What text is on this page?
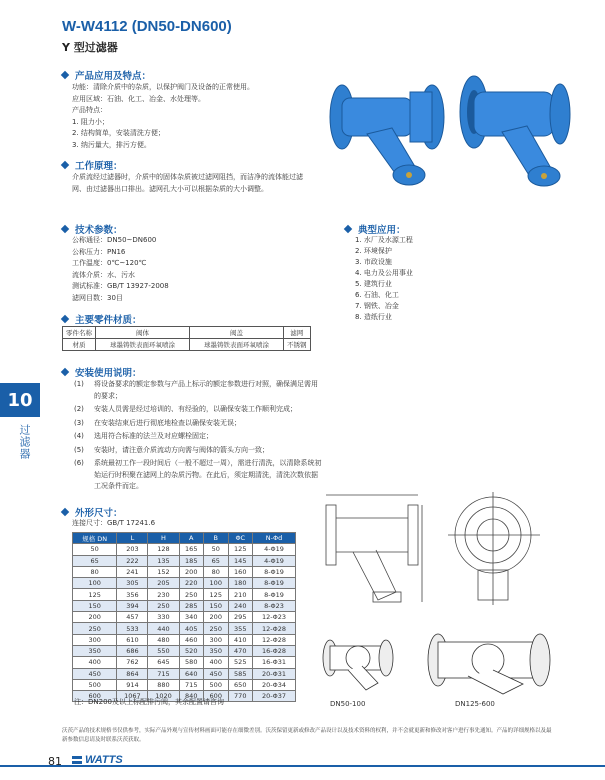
W-W4112 (DN50-DN600)
Y 型过滤器
产品应用及特点：
功能：清除介质中的杂质，以保护阀门及设备的正常使用。
应用区域：石油、化工、冶金、水处理等。
产品特点：
1. 阻力小；
2. 结构简单，安装清洗方便；
3. 纳污量大，排污方便。
工作原理：
介质流经过滤器时，介质中的固体杂质被过滤网阻挡，而洁净的流体能过滤网、由过滤器出口排出。滤网孔大小可以根据杂质的大小调整。
技术参数：
公称通径：DN50~DN600
公称压力：PN16
工作温度：0℃~120℃
流体介质：水、污水
测试标准：GB/T 13927-2008
滤网目数：30目
典型应用：
1. 水厂及水源工程
2. 环境保护
3. 市政设施
4. 电力及公用事业
5. 建筑行业
6. 石油、化工
7. 钢铁、冶金
8. 造纸行业
主要零件材质：
零件名称	阀体	阀盖	滤网
材质	球墨铸铁表面环氧喷涂	球墨铸铁表面环氧喷涂	不锈钢
10
过滤器
安装使用说明：
(1)	将设备要求的额定参数与产品上标示的额定参数进行对照，确保满足需用的要求；
(2)	安装人员需是经过培训的、有经验的，以确保安装工作顺利完成；
(3)	在安装结束后进行彻底地检查以确保安装无误；
(4)	选用符合标准的法兰及对应螺栓固定；
(5)	安装时，请注意介质流动方向需与阀体的箭头方向一致；
(6)	系统最初工作一段时间后（一般不超过一周），需进行清洗，以清除系统初始运行时积聚在滤网上的杂质污物。在此后，须定期清洗，清洗次数依据工况条件而定。
外形尺寸：
连接尺寸：GB/T 17241.6
规格 DN	L	H	A	B	ΦC	N-Φd
50	203	128	165	50	125	4-Φ19
65	222	135	185	65	145	4-Φ19
80	241	152	200	80	160	8-Φ19
100	305	205	220	100	180	8-Φ19
125	356	230	250	125	210	8-Φ19
150	394	250	285	150	240	8-Φ23
200	457	330	340	200	295	12-Φ23
250	533	440	405	250	355	12-Φ28
300	610	480	460	300	410	12-Φ28
350	686	550	520	350	470	16-Φ28
400	762	645	580	400	525	16-Φ31
450	864	715	640	450	585	20-Φ31
500	914	880	715	500	650	20-Φ34
600	1067	1020	840	600	770	20-Φ37
注：DN200及以上标配排污阀，其余配置请咨询	DN50-100	DN125-600
沃茨产品的技术规格书仅供参考，实际产品外观与宣传材料画面可能存在细微差别。沃茨保留更新或修改产品设计以及技术资料的权利，并不会就更新和修改对客户进行事先通知。产品的详细规格以及最新参数信息请及时联系沃茨获取。
81	WATTS
